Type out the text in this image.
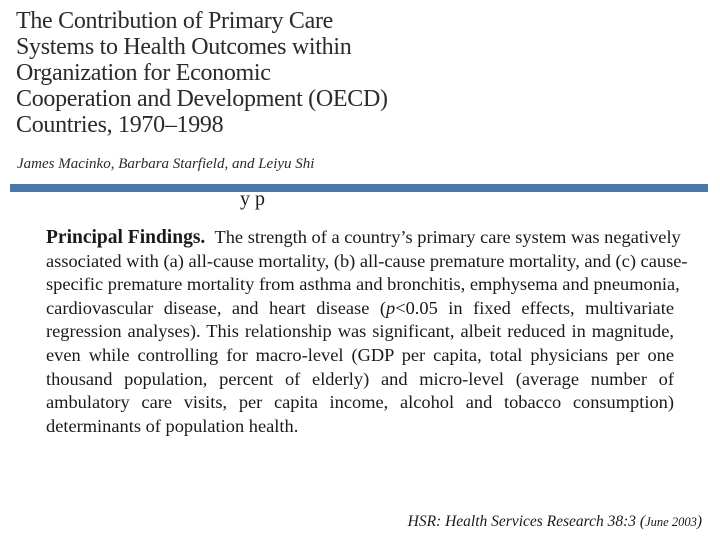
The Contribution of Primary Care
Systems to Health Outcomes within
Organization for Economic
Cooperation and Development (OECD)
Countries, 1970–1998
James Macinko, Barbara Starfield, and Leiyu Shi
y p
Principal Findings. The strength of a country’s primary care system was negatively
associated with (a) all-cause mortality, (b) all-cause premature mortality, and (c) cause-
specific premature mortality from asthma and bronchitis, emphysema and pneumonia,
cardiovascular disease, and heart disease (p<0.05 in fixed effects, multivariate
regression analyses). This relationship was significant, albeit reduced in magnitude,
even while controlling for macro-level (GDP per capita, total physicians per one
thousand population, percent of elderly) and micro-level (average number of
ambulatory care visits, per capita income, alcohol and tobacco consumption)
determinants of population health.
HSR: Health Services Research 38:3 (June 2003)
